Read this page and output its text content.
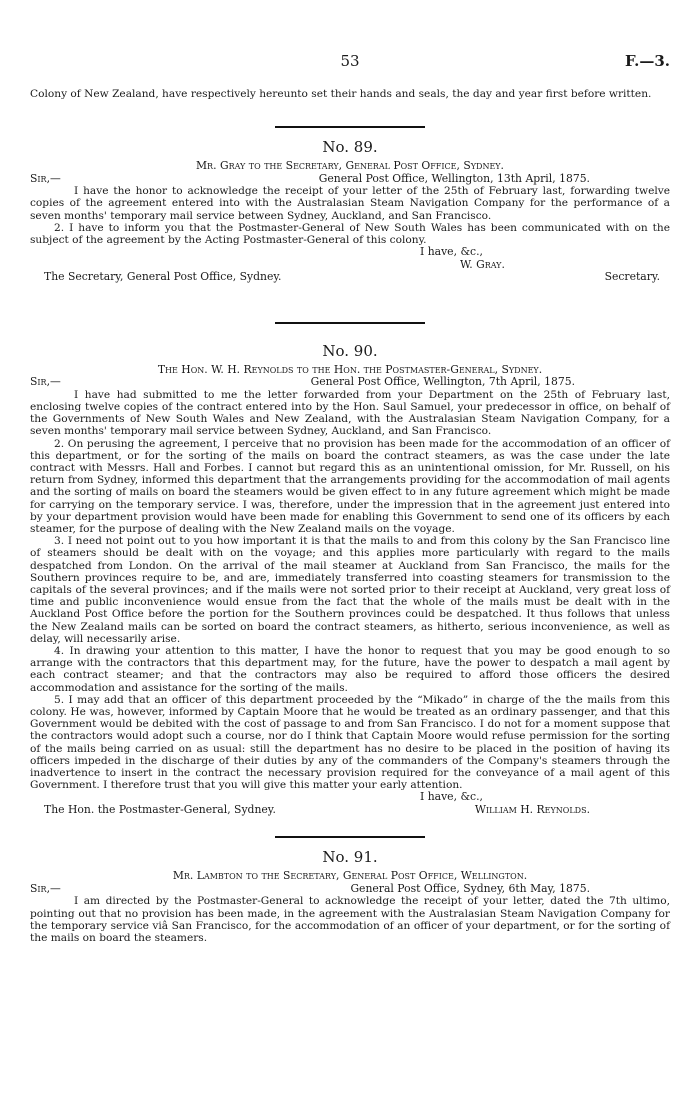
53	F.—3.

Colony of New Zealand, have respectively hereunto set their hands and seals, the day and year first before written.

No. 89.
Mr. Gray to the Secretary, General Post Office, Sydney.
Sir,—	General Post Office, Wellington, 13th April, 1875.

I have the honor to acknowledge the receipt of your letter of the 25th of February last, forwarding twelve copies of the agreement entered into with the Australasian Steam Navigation Company for the performance of a seven months' temporary mail service between Sydney, Auckland, and San Francisco.

2. I have to inform you that the Postmaster-General of New South Wales has been communicated with on the subject of the agreement by the Acting Postmaster-General of this colony.

I have, &c.,
W. Gray.
The Secretary, General Post Office, Sydney.	Secretary.
No. 90.
The Hon. W. H. Reynolds to the Hon. the Postmaster-General, Sydney.
Sir,—	General Post Office, Wellington, 7th April, 1875.

I have had submitted to me the letter forwarded from your Department on the 25th of February last, enclosing twelve copies of the contract entered into by the Hon. Saul Samuel, your predecessor in office, on behalf of the Governments of New South Wales and New Zealand, with the Australasian Steam Navigation Company, for a seven months' temporary mail service between Sydney, Auckland, and San Francisco.

2. On perusing the agreement, I perceive that no provision has been made for the accommodation of an officer of this department, or for the sorting of the mails on board the contract steamers, as was the case under the late contract with Messrs. Hall and Forbes. I cannot but regard this as an unintentional omission, for Mr. Russell, on his return from Sydney, informed this department that the arrangements providing for the accommodation of mail agents and the sorting of mails on board the steamers would be given effect to in any future agreement which might be made for carrying on the temporary service. I was, therefore, under the impression that in the agreement just entered into by your department provision would have been made for enabling this Government to send one of its officers by each steamer, for the purpose of dealing with the New Zealand mails on the voyage.

3. I need not point out to you how important it is that the mails to and from this colony by the San Francisco line of steamers should be dealt with on the voyage; and this applies more particularly with regard to the mails despatched from London. On the arrival of the mail steamer at Auckland from San Francisco, the mails for the Southern provinces require to be, and are, immediately transferred into coasting steamers for transmission to the capitals of the several provinces; and if the mails were not sorted prior to their receipt at Auckland, very great loss of time and public inconvenience would ensue from the fact that the whole of the mails must be dealt with in the Auckland Post Office before the portion for the Southern provinces could be despatched. It thus follows that unless the New Zealand mails can be sorted on board the contract steamers, as hitherto, serious inconvenience, as well as delay, will necessarily arise.

4. In drawing your attention to this matter, I have the honor to request that you may be good enough to so arrange with the contractors that this department may, for the future, have the power to despatch a mail agent by each contract steamer; and that the contractors may also be required to afford those officers the desired accommodation and assistance for the sorting of the mails.

5. I may add that an officer of this department proceeded by the “Mikado” in charge of the the mails from this colony. He was, however, informed by Captain Moore that he would be treated as an ordinary passenger, and that this Government would be debited with the cost of passage to and from San Francisco. I do not for a moment suppose that the contractors would adopt such a course, nor do I think that Captain Moore would refuse permission for the sorting of the mails being carried on as usual: still the department has no desire to be placed in the position of having its officers impeded in the discharge of their duties by any of the commanders of the Company's steamers through the inadvertence to insert in the contract the necessary provision required for the conveyance of a mail agent of this Government. I therefore trust that you will give this matter your early attention.

I have, &c.,
The Hon. the Postmaster-General, Sydney.	William H. Reynolds.
No. 91.
Mr. Lambton to the Secretary, General Post Office, Wellington.
Sir,—	General Post Office, Sydney, 6th May, 1875.

I am directed by the Postmaster-General to acknowledge the receipt of your letter, dated the 7th ultimo, pointing out that no provision has been made, in the agreement with the Australasian Steam Navigation Company for the temporary service viâ San Francisco, for the accommodation of an officer of your department, or for the sorting of the mails on board the steamers.
